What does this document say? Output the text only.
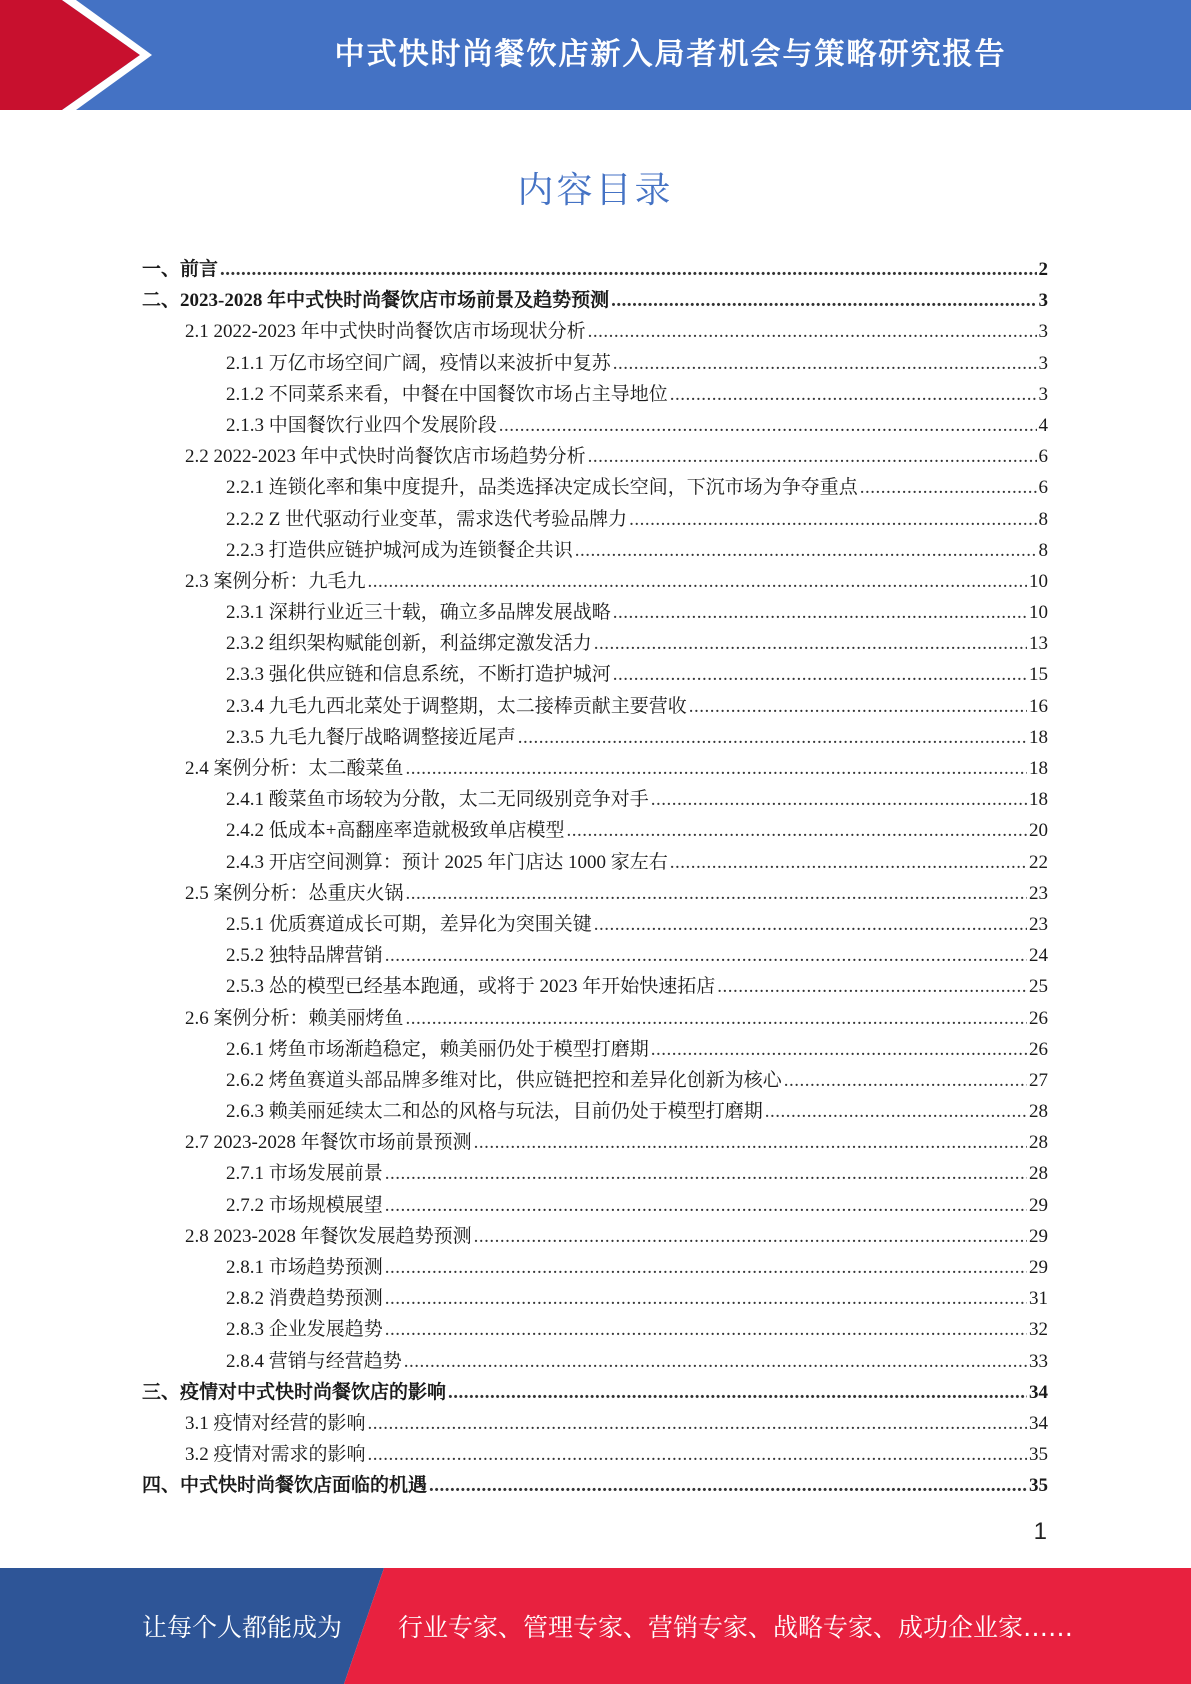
中式快时尚餐饮店新入局者机会与策略研究报告
内容目录
一、前言 .....	2
二、2023-2028 年中式快时尚餐饮店市场前景及趋势预测 .....	3
2.1 2022-2023 年中式快时尚餐饮店市场现状分析 .....	3
2.1.1 万亿市场空间广阔，疫情以来波折中复苏 .....	3
2.1.2 不同菜系来看，中餐在中国餐饮市场占主导地位 .....	3
2.1.3 中国餐饮行业四个发展阶段 .....	4
2.2 2022-2023 年中式快时尚餐饮店市场趋势分析 .....	6
2.2.1 连锁化率和集中度提升，品类选择决定成长空间，下沉市场为争夺重点 .....	6
2.2.2 Z 世代驱动行业变革，需求迭代考验品牌力 .....	8
2.2.3 打造供应链护城河成为连锁餐企共识 .....	8
2.3 案例分析：九毛九 .....	10
2.3.1 深耕行业近三十载，确立多品牌发展战略 .....	10
2.3.2 组织架构赋能创新，利益绑定激发活力 .....	13
2.3.3 强化供应链和信息系统，不断打造护城河 .....	15
2.3.4 九毛九西北菜处于调整期，太二接棒贡献主要营收 .....	16
2.3.5 九毛九餐厅战略调整接近尾声 .....	18
2.4 案例分析：太二酸菜鱼 .....	18
2.4.1 酸菜鱼市场较为分散，太二无同级别竞争对手 .....	18
2.4.2 低成本+高翻座率造就极致单店模型 .....	20
2.4.3 开店空间测算：预计 2025 年门店达 1000 家左右 .....	22
2.5 案例分析：怂重庆火锅 .....	23
2.5.1 优质赛道成长可期，差异化为突围关键 .....	23
2.5.2 独特品牌营销 .....	24
2.5.3 怂的模型已经基本跑通，或将于 2023 年开始快速拓店 .....	25
2.6 案例分析：赖美丽烤鱼 .....	26
2.6.1 烤鱼市场渐趋稳定，赖美丽仍处于模型打磨期 .....	26
2.6.2 烤鱼赛道头部品牌多维对比，供应链把控和差异化创新为核心 .....	27
2.6.3 赖美丽延续太二和怂的风格与玩法，目前仍处于模型打磨期 .....	28
2.7 2023-2028 年餐饮市场前景预测 .....	28
2.7.1 市场发展前景 .....	28
2.7.2 市场规模展望 .....	29
2.8 2023-2028 年餐饮发展趋势预测 .....	29
2.8.1 市场趋势预测 .....	29
2.8.2 消费趋势预测 .....	31
2.8.3 企业发展趋势 .....	32
2.8.4 营销与经营趋势 .....	33
三、疫情对中式快时尚餐饮店的影响 .....	34
3.1 疫情对经营的影响 .....	34
3.2 疫情对需求的影响 .....	35
四、中式快时尚餐饮店面临的机遇 .....	35
1
让每个人都能成为 行业专家、管理专家、营销专家、战略专家、成功企业家……
